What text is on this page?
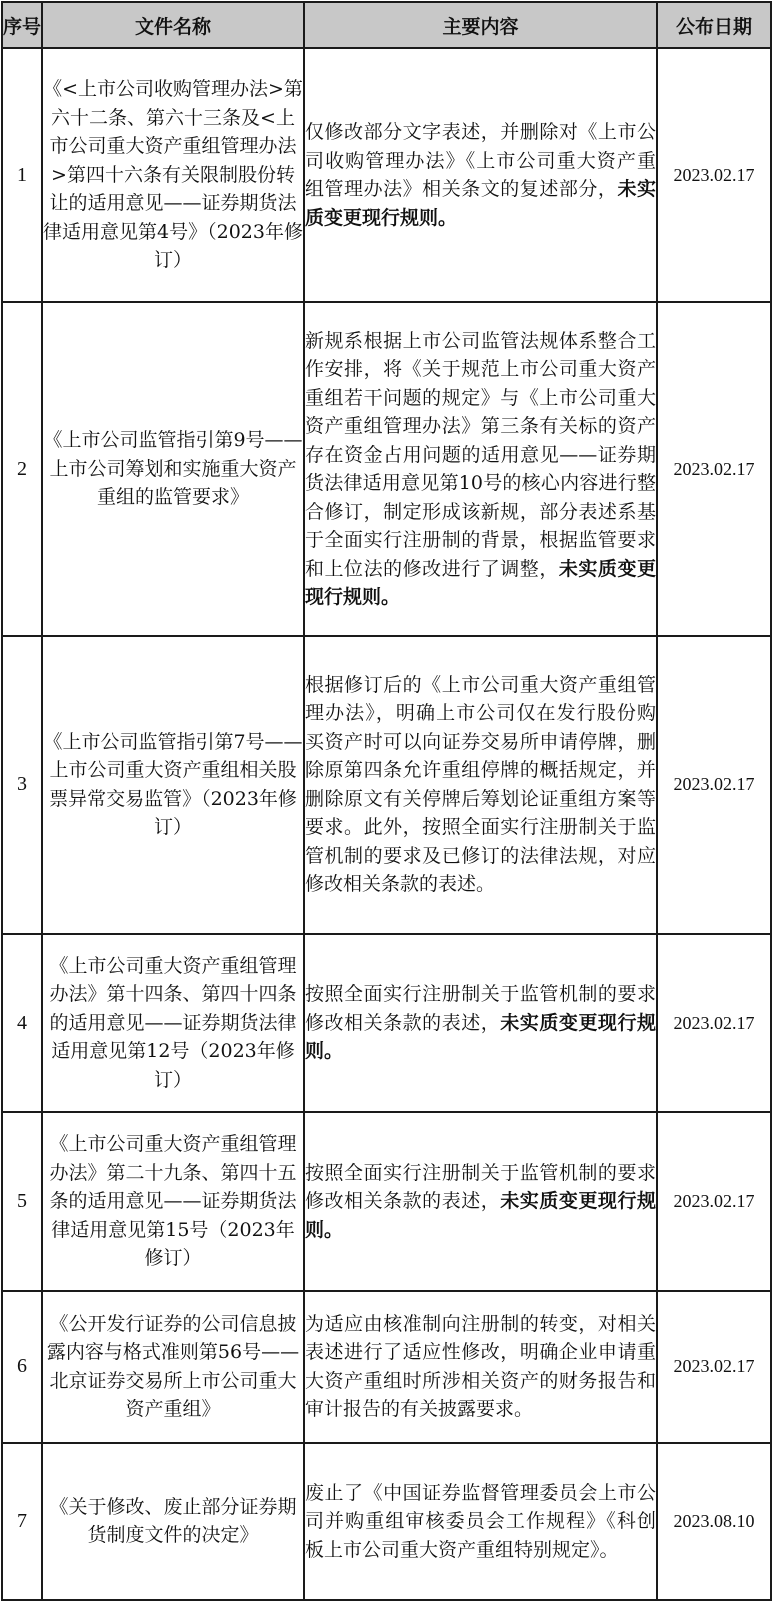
序号	文件名称	主要内容	公布日期
1	《<上市公司收购管理办法>第六十二条、第六十三条及<上市公司重大资产重组管理办法>第四十六条有关限制股份转让的适用意见——证券期货法律适用意见第4号》（2023年修订）	仅修改部分文字表述，并删除对《上市公司收购管理办法》《上市公司重大资产重组管理办法》相关条文的复述部分，未实质变更现行规则。	2023.02.17
2	《上市公司监管指引第9号——上市公司筹划和实施重大资产重组的监管要求》	新规系根据上市公司监管法规体系整合工作安排，将《关于规范上市公司重大资产重组若干问题的规定》与《上市公司重大资产重组管理办法》第三条有关标的资产存在资金占用问题的适用意见——证券期货法律适用意见第10号的核心内容进行整合修订，制定形成该新规，部分表述系基于全面实行注册制的背景，根据监管要求和上位法的修改进行了调整，未实质变更现行规则。	2023.02.17
3	《上市公司监管指引第7号——上市公司重大资产重组相关股票异常交易监管》（2023年修订）	根据修订后的《上市公司重大资产重组管理办法》，明确上市公司仅在发行股份购买资产时可以向证券交易所申请停牌，删除原第四条允许重组停牌的概括规定，并删除原文有关停牌后筹划论证重组方案等要求。此外，按照全面实行注册制关于监管机制的要求及已修订的法律法规，对应修改相关条款的表述。	2023.02.17
4	《上市公司重大资产重组管理办法》第十四条、第四十四条的适用意见——证券期货法律适用意见第12号（2023年修订）	按照全面实行注册制关于监管机制的要求修改相关条款的表述，未实质变更现行规则。	2023.02.17
5	《上市公司重大资产重组管理办法》第二十九条、第四十五条的适用意见——证券期货法律适用意见第15号（2023年修订）	按照全面实行注册制关于监管机制的要求修改相关条款的表述，未实质变更现行规则。	2023.02.17
6	《公开发行证券的公司信息披露内容与格式准则第56号——北京证券交易所上市公司重大资产重组》	为适应由核准制向注册制的转变，对相关表述进行了适应性修改，明确企业申请重大资产重组时所涉相关资产的财务报告和审计报告的有关披露要求。	2023.02.17
7	《关于修改、废止部分证券期货制度文件的决定》	废止了《中国证券监督管理委员会上市公司并购重组审核委员会工作规程》《科创板上市公司重大资产重组特别规定》。	2023.08.10
